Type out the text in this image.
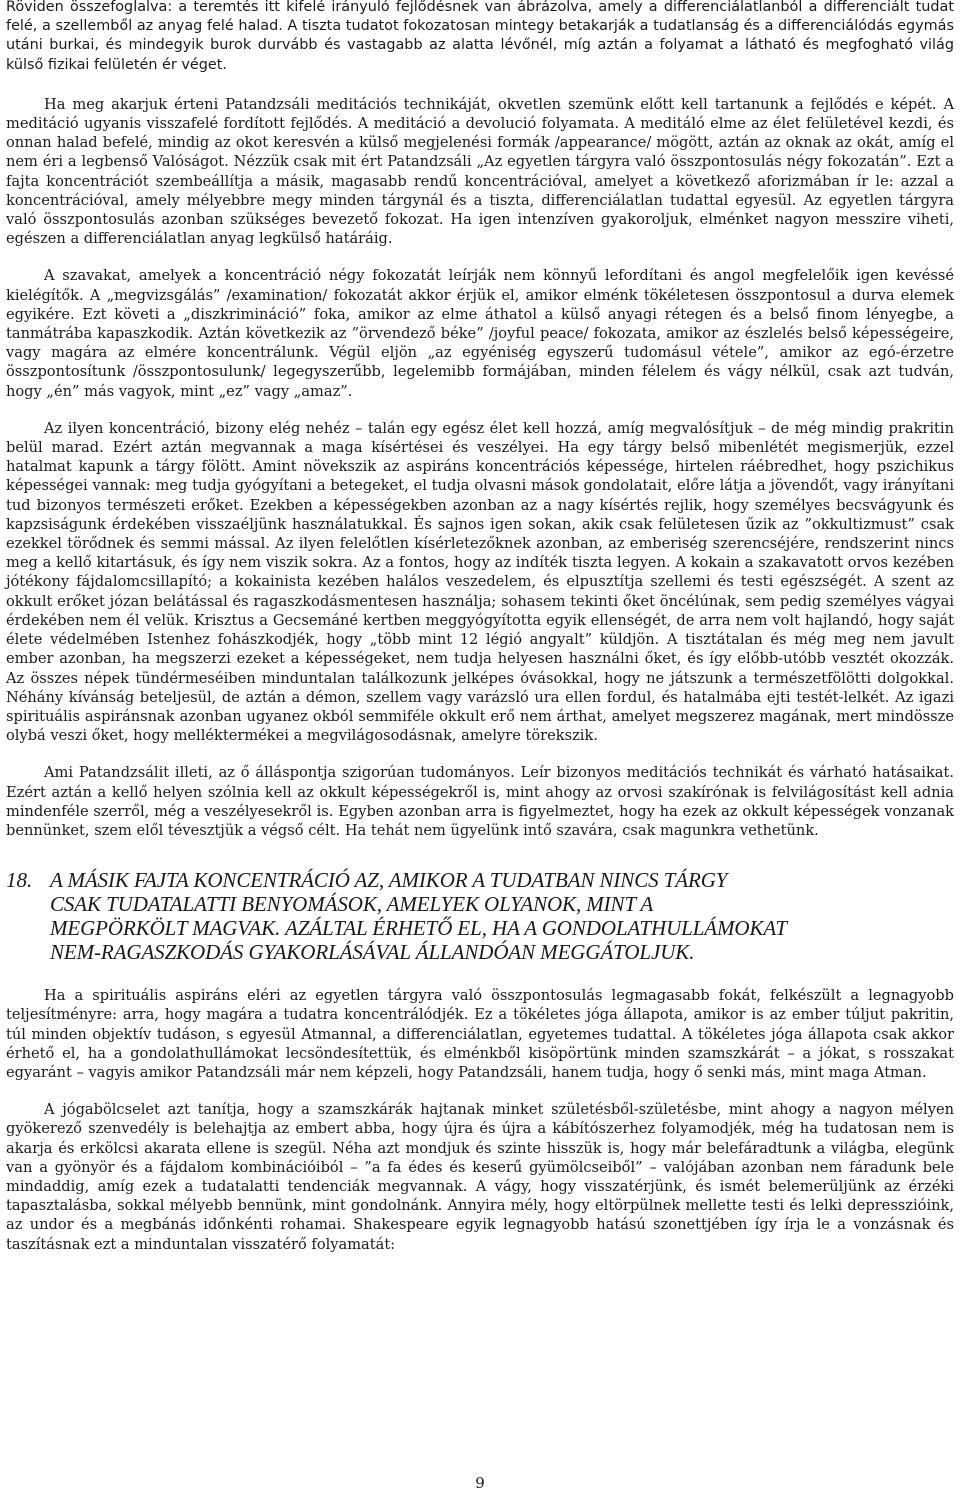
Röviden összefoglalva: a teremtés itt kifelé irányuló fejlődésnek van ábrázolva, amely a differenciálatlanból a differenciált tudat felé, a szellemből az anyag felé halad. A tiszta tudatot fokozatosan mintegy betakarják a tudatlanság és a differenciálódás egymás utáni burkai, és mindegyik burok durvább és vastagabb az alatta lévőnél, míg aztán a folyamat a látható és megfogható világ külső fizikai felületén ér véget.

Ha meg akarjuk érteni Patandzsáli meditációs technikáját, okvetlen szemünk előtt kell tartanunk a fejlődés e képét. A meditáció ugyanis visszafelé fordított fejlődés. A meditáció a devolució folyamata. A meditáló elme az élet felületével kezdi, és onnan halad befelé, mindig az okot keresvén a külső megjelenési formák /appearance/ mögött, aztán az oknak az okát, amíg el nem éri a legbenső Valóságot. Nézzük csak mit ért Patandzsáli „Az egyetlen tárgyra való összpontosulás négy fokozatán”. Ezt a fajta koncentrációt szembeállítja a másik, magasabb rendű koncentrációval, amelyet a következő aforizmában ír le: azzal a koncentrációval, amely mélyebbre megy minden tárgynál és a tiszta, differenciálatlan tudattal egyesül. Az egyetlen tárgyra való összpontosulás azonban szükséges bevezető fokozat. Ha igen intenzíven gyakoroljuk, elménket nagyon messzire viheti, egészen a differenciálatlan anyag legkülső határáig.

A szavakat, amelyek a koncentráció négy fokozatát leírják nem könnyű lefordítani és angol megfelelőik igen kevéssé kielégítők. A „megvizsgálás” /examination/ fokozatát akkor érjük el, amikor elménk tökéletesen összpontosul a durva elemek egyikére. Ezt követi a „diszkrimináció” foka, amikor az elme áthatol a külső anyagi rétegen és a belső finom lényegbe, a tanmátrába kapaszkodik. Aztán következik az ”örvendező béke” /joyful peace/ fokozata, amikor az észlelés belső képességeire, vagy magára az elmére koncentrálunk. Végül eljön „az egyéniség egyszerű tudomásul vétele”, amikor az egó-érzetre összpontosítunk /összpontosulunk/ legegyszerűbb, legelemibb formájában, minden félelem és vágy nélkül, csak azt tudván, hogy „én” más vagyok, mint „ez” vagy „amaz”.

Az ilyen koncentráció, bizony elég nehéz – talán egy egész élet kell hozzá, amíg megvalósítjuk – de még mindig prakritin belül marad. Ezért aztán megvannak a maga kísértései és veszélyei. Ha egy tárgy belső mibenlétét megismerjük, ezzel hatalmat kapunk a tárgy fölött. Amint növekszik az aspiráns koncentrációs képessége, hirtelen ráébredhet, hogy pszichikus képességei vannak: meg tudja gyógyítani a betegeket, el tudja olvasni mások gondolatait, előre látja a jövendőt, vagy irányítani tud bizonyos természeti erőket. Ezekben a képességekben azonban az a nagy kísértés rejlik, hogy személyes becsvágyunk és kapzsiságunk érdekében visszaéljünk használatukkal. És sajnos igen sokan, akik csak felületesen űzik az ”okkultizmust” csak ezekkel törődnek és semmi mással. Az ilyen felelőtlen kísérletezőknek azonban, az emberiség szerencséjére, rendszerint nincs meg a kellő kitartásuk, és így nem viszik sokra. Az a fontos, hogy az indíték tiszta legyen. A kokain a szakavatott orvos kezében jótékony fájdalomcsillapító; a kokainista kezében halálos veszedelem, és elpusztítja szellemi és testi egészségét. A szent az okkult erőket józan belátással és ragaszkodásmentesen használja; sohasem tekinti őket öncélúnak, sem pedig személyes vágyai érdekében nem él velük. Krisztus a Gecsemáné kertben meggyógyította egyik ellenségét, de arra nem volt hajlandó, hogy saját élete védelmében Istenhez fohászkodjék, hogy „több mint 12 légió angyalt” küldjön. A tisztátalan és még meg nem javult ember azonban, ha megszerzi ezeket a képességeket, nem tudja helyesen használni őket, és így előbb-utóbb vesztét okozzák. Az összes népek tündérmeséiben minduntalan találkozunk jelképes óvásokkal, hogy ne játszunk a természetfölötti dolgokkal. Néhány kívánság beteljesül, de aztán a démon, szellem vagy varázsló ura ellen fordul, és hatalmába ejti testét-lelkét. Az igazi spirituális aspiránsnak azonban ugyanez okból semmiféle okkult erő nem árthat, amelyet megszerez magának, mert mindössze olybá veszi őket, hogy melléktermékei a megvilágosodásnak, amelyre törekszik.

Ami Patandzsálit illeti, az ő álláspontja szigorúan tudományos. Leír bizonyos meditációs technikát és várható hatásaikat. Ezért aztán a kellő helyen szólnia kell az okkult képességekről is, mint ahogy az orvosi szakírónak is felvilágosítást kell adnia mindenféle szerről, még a veszélyesekről is. Egyben azonban arra is figyelmeztet, hogy ha ezek az okkult képességek vonzanak bennünket, szem elől tévesztjük a végső célt. Ha tehát nem ügyelünk intő szavára, csak magunkra vethetünk.

18. A MÁSIK FAJTA KONCENTRÁCIÓ AZ, AMIKOR A TUDATBAN NINCS TÁRGY
CSAK TUDATALATTI BENYOMÁSOK, AMELYEK OLYANOK, MINT A
MEGPÖRKÖLT MAGVAK. AZÁLTAL ÉRHETŐ EL, HA A GONDOLATHULLÁMOKAT
NEM-RAGASZKODÁS GYAKORLÁSÁVAL ÁLLANDÓAN MEGGÁTOLJUK.

Ha a spirituális aspiráns eléri az egyetlen tárgyra való összpontosulás legmagasabb fokát, felkészült a legnagyobb teljesítményre: arra, hogy magára a tudatra koncentrálódjék. Ez a tökéletes jóga állapota, amikor is az ember túljut pakritin, túl minden objektív tudáson, s egyesül Atmannal, a differenciálatlan, egyetemes tudattal. A tökéletes jóga állapota csak akkor érhető el, ha a gondolathullámokat lecsöndesítettük, és elménkből kisöpörtünk minden szamszkárát – a jókat, s rosszakat egyaránt – vagyis amikor Patandzsáli már nem képzeli, hogy Patandzsáli, hanem tudja, hogy ő senki más, mint maga Atman.

A jógabölcselet azt tanítja, hogy a szamszkárák hajtanak minket születésből-születésbe, mint ahogy a nagyon mélyen gyökerező szenvedély is belehajtja az embert abba, hogy újra és újra a kábítószerhez folyamodjék, még ha tudatosan nem is akarja és erkölcsi akarata ellene is szegül. Néha azt mondjuk és szinte hisszük is, hogy már belefáradtunk a világba, elegünk van a gyönyör és a fájdalom kombinációiból – ”a fa édes és keserű gyümölcseiből” – valójában azonban nem fáradunk bele mindaddig, amíg ezek a tudatalatti tendenciák megvannak. A vágy, hogy visszatérjünk, és ismét belemerüljünk az érzéki tapasztalásba, sokkal mélyebb bennünk, mint gondolnánk. Annyira mély, hogy eltörpülnek mellette testi és lelki depresszióink, az undor és a megbánás időnkénti rohamai. Shakespeare egyik legnagyobb hatású szonettjében így írja le a vonzásnak és taszításnak ezt a minduntalan visszatérő folyamatát:

9
